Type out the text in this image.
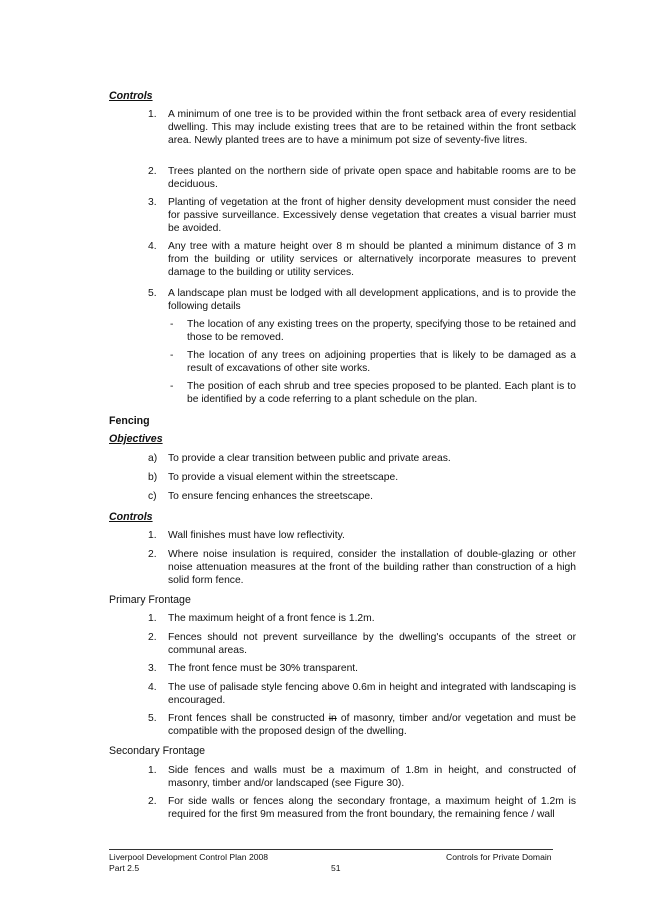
Controls
1.	A minimum of one tree is to be provided within the front setback area of every residential dwelling. This may include existing trees that are to be retained within the front setback area. Newly planted trees are to have a minimum pot size of seventy-five litres.
2.	Trees planted on the northern side of private open space and habitable rooms are to be deciduous.
3.	Planting of vegetation at the front of higher density development must consider the need for passive surveillance. Excessively dense vegetation that creates a visual barrier must be avoided.
4.	Any tree with a mature height over 8 m should be planted a minimum distance of 3 m from the building or utility services or alternatively incorporate measures to prevent damage to the building or utility services.
5.	A landscape plan must be lodged with all development applications, and is to provide the following details
- The location of any existing trees on the property, specifying those to be retained and those to be removed.
- The location of any trees on adjoining properties that is likely to be damaged as a result of excavations of other site works.
- The position of each shrub and tree species proposed to be planted. Each plant is to be identified by a code referring to a plant schedule on the plan.
Fencing
Objectives
a)	To provide a clear transition between public and private areas.
b)	To provide a visual element within the streetscape.
c)	To ensure fencing enhances the streetscape.
Controls
1.	Wall finishes must have low reflectivity.
2.	Where noise insulation is required, consider the installation of double-glazing or other noise attenuation measures at the front of the building rather than construction of a high solid form fence.
Primary Frontage
1.	The maximum height of a front fence is 1.2m.
2.	Fences should not prevent surveillance by the dwelling's occupants of the street or communal areas.
3.	The front fence must be 30% transparent.
4.	The use of palisade style fencing above 0.6m in height and integrated with landscaping is encouraged.
5.	Front fences shall be constructed in of masonry, timber and/or vegetation and must be compatible with the proposed design of the dwelling.
Secondary Frontage
1.	Side fences and walls must be a maximum of 1.8m in height, and constructed of masonry, timber and/or landscaped (see Figure 30).
2.	For side walls or fences along the secondary frontage, a maximum height of 1.2m is required for the first 9m measured from the front boundary, the remaining fence / wall
Liverpool Development Control Plan 2008
Part 2.5	51
Controls for Private Domain
